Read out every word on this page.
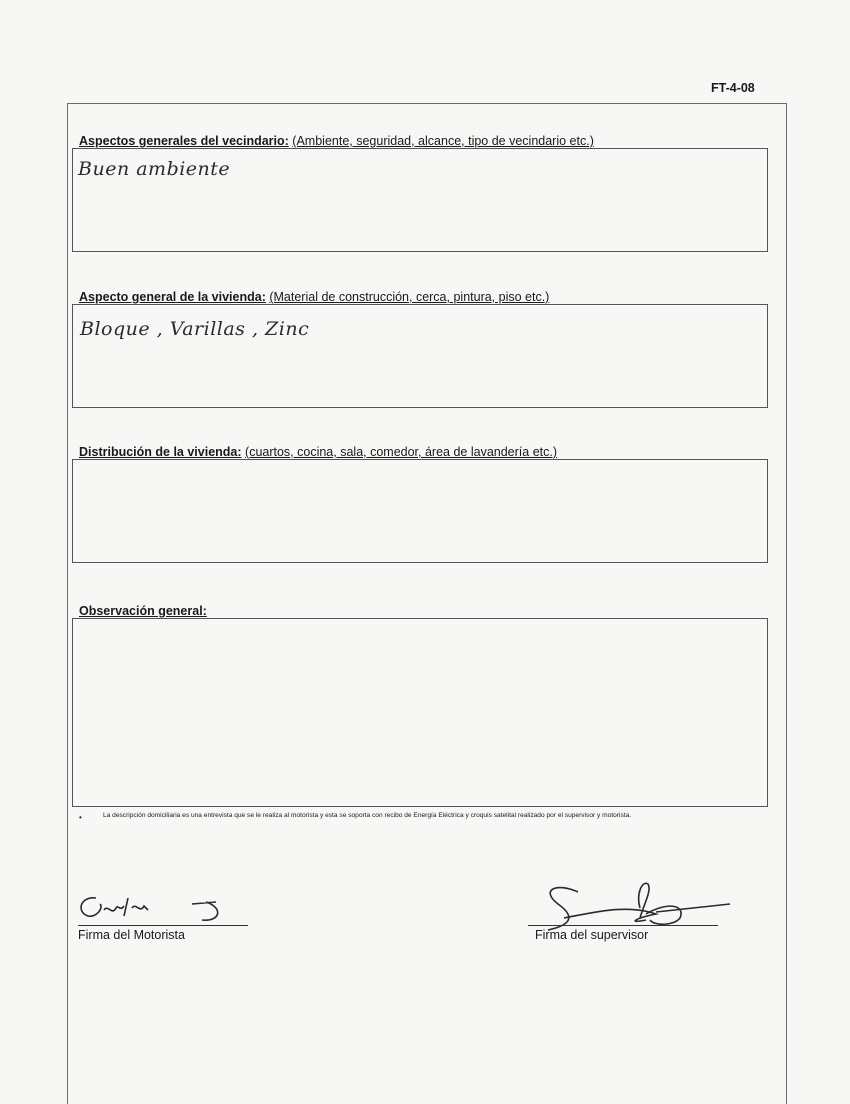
FT-4-08
Aspectos generales del vecindario: (Ambiente, seguridad, alcance, tipo de vecindario etc.)
Buen ambiente
Aspecto general de la vivienda: (Material de construcción, cerca, pintura, piso etc.)
Bloque , Varillas , Zinc
Distribución de la vivienda: (cuartos, cocina, sala, comedor, área de lavandería etc.)
Observación general:
•	La descripción domiciliaria es una entrevista que se le realiza al motorista y esta se soporta con recibo de Energía Eléctrica y croquis satelital realizado por el supervisor y motorista.
Firma del Motorista	Firma del supervisor
